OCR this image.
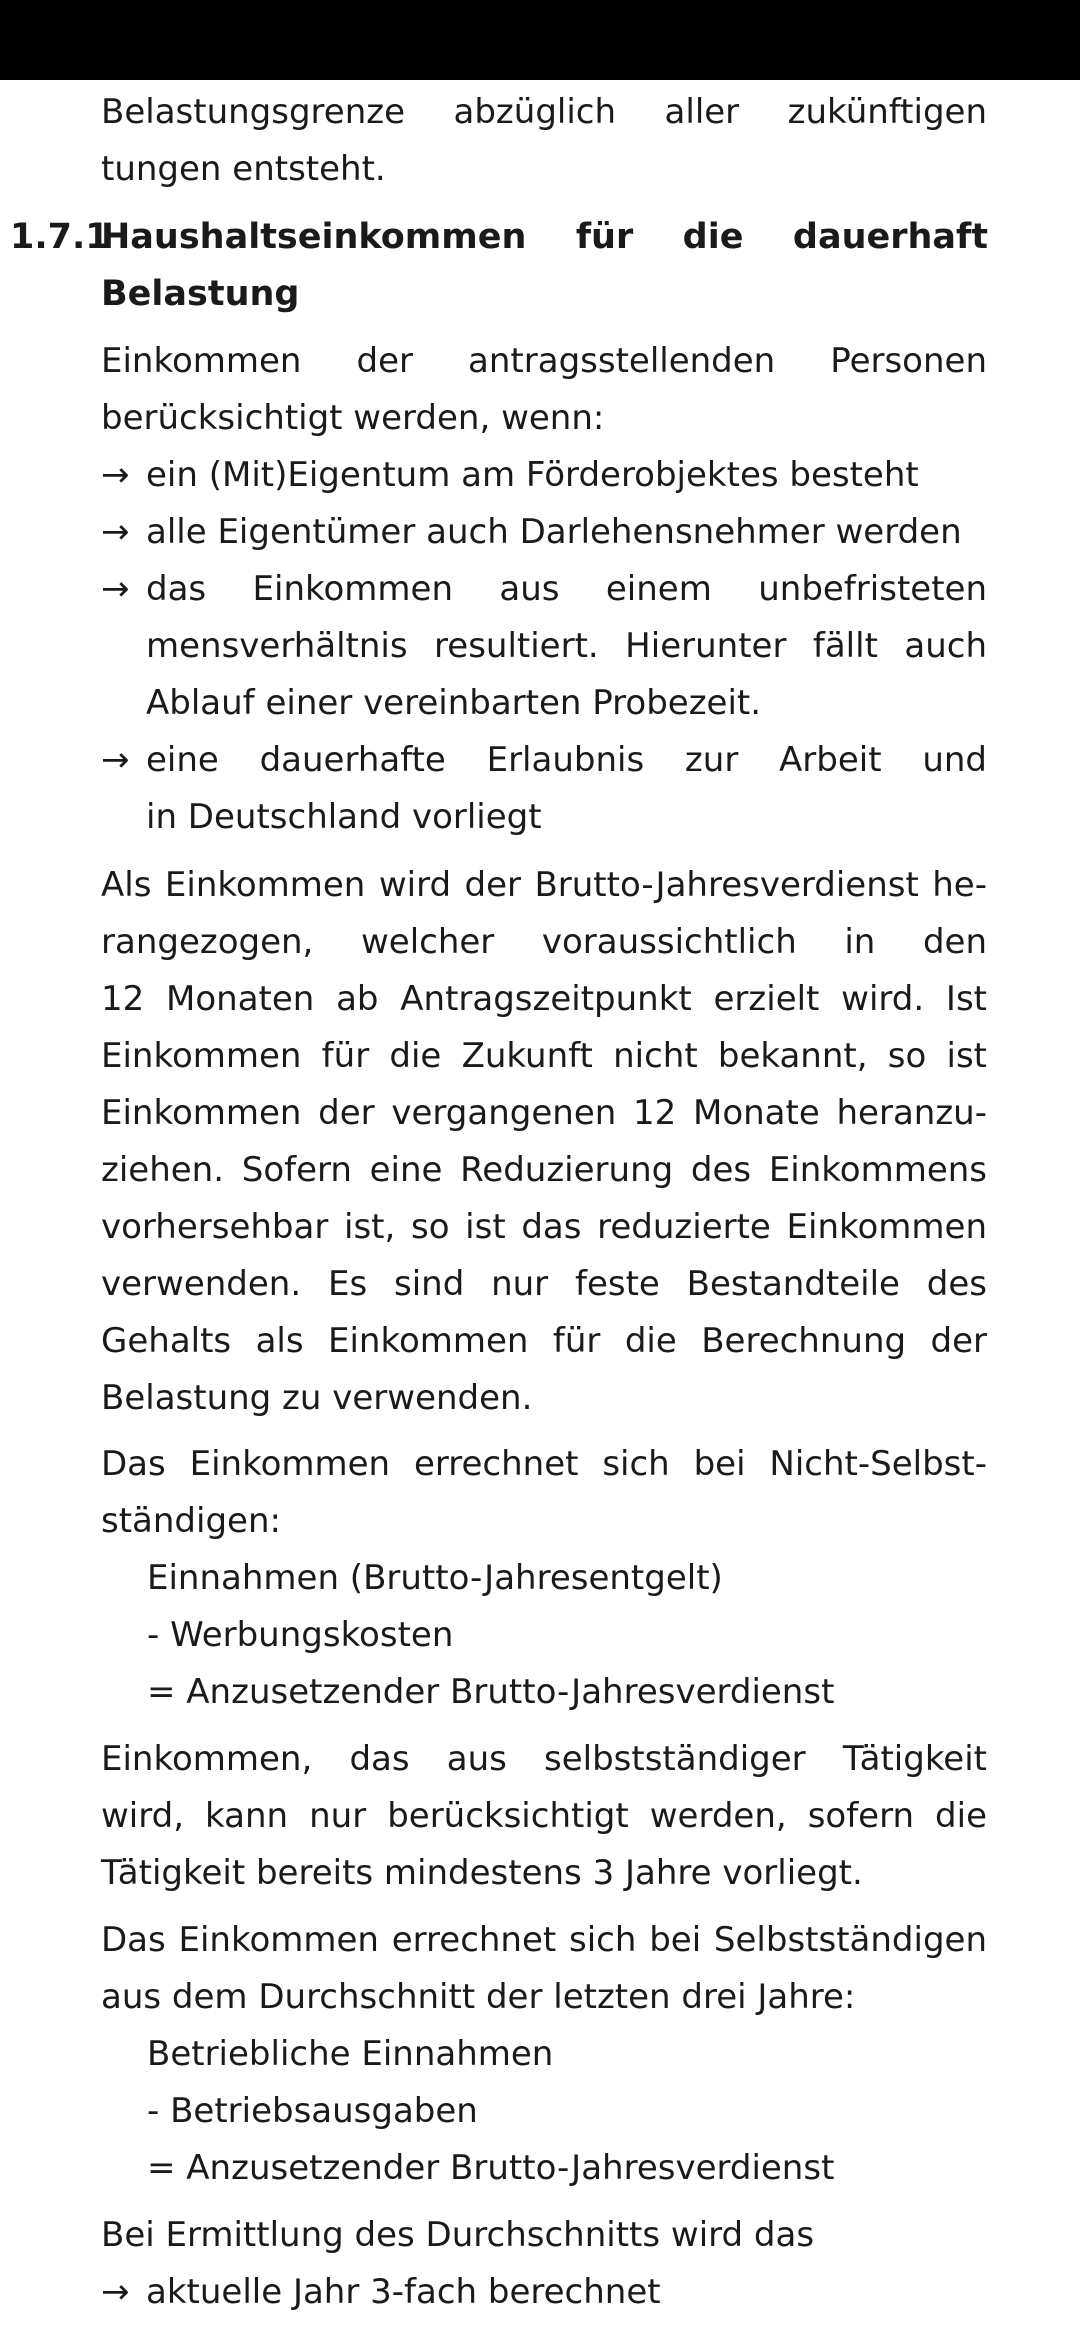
Belastungsgrenze abzüglich aller zukünftigen
tungen entsteht.
1.7.1
Haushaltseinkommen für die dauerhaft
Belastung
Einkommen der antragsstellenden Personen
berücksichtigt werden, wenn:
→ ein (Mit)Eigentum am Förderobjektes besteht
→ alle Eigentümer auch Darlehensnehmer werden
→ das Einkommen aus einem unbefristeten
mensverhältnis resultiert. Hierunter fällt auch
Ablauf einer vereinbarten Probezeit.
→ eine dauerhafte Erlaubnis zur Arbeit und
in Deutschland vorliegt
Als Einkommen wird der Brutto-Jahresverdienst he-
rangezogen, welcher voraussichtlich in den
12 Monaten ab Antragszeitpunkt erzielt wird. Ist
Einkommen für die Zukunft nicht bekannt, so ist
Einkommen der vergangenen 12 Monate heranzu-
ziehen. Sofern eine Reduzierung des Einkommens
vorhersehbar ist, so ist das reduzierte Einkommen
verwenden. Es sind nur feste Bestandteile des
Gehalts als Einkommen für die Berechnung der
Belastung zu verwenden.
Das Einkommen errechnet sich bei Nicht-Selbst-
ständigen:
Einnahmen (Brutto-Jahresentgelt)
- Werbungskosten
= Anzusetzender Brutto-Jahresverdienst
Einkommen, das aus selbstständiger Tätigkeit
wird, kann nur berücksichtigt werden, sofern die
Tätigkeit bereits mindestens 3 Jahre vorliegt.
Das Einkommen errechnet sich bei Selbstständigen
aus dem Durchschnitt der letzten drei Jahre:
Betriebliche Einnahmen
- Betriebsausgaben
= Anzusetzender Brutto-Jahresverdienst
Bei Ermittlung des Durchschnitts wird das
→ aktuelle Jahr 3-fach berechnet
